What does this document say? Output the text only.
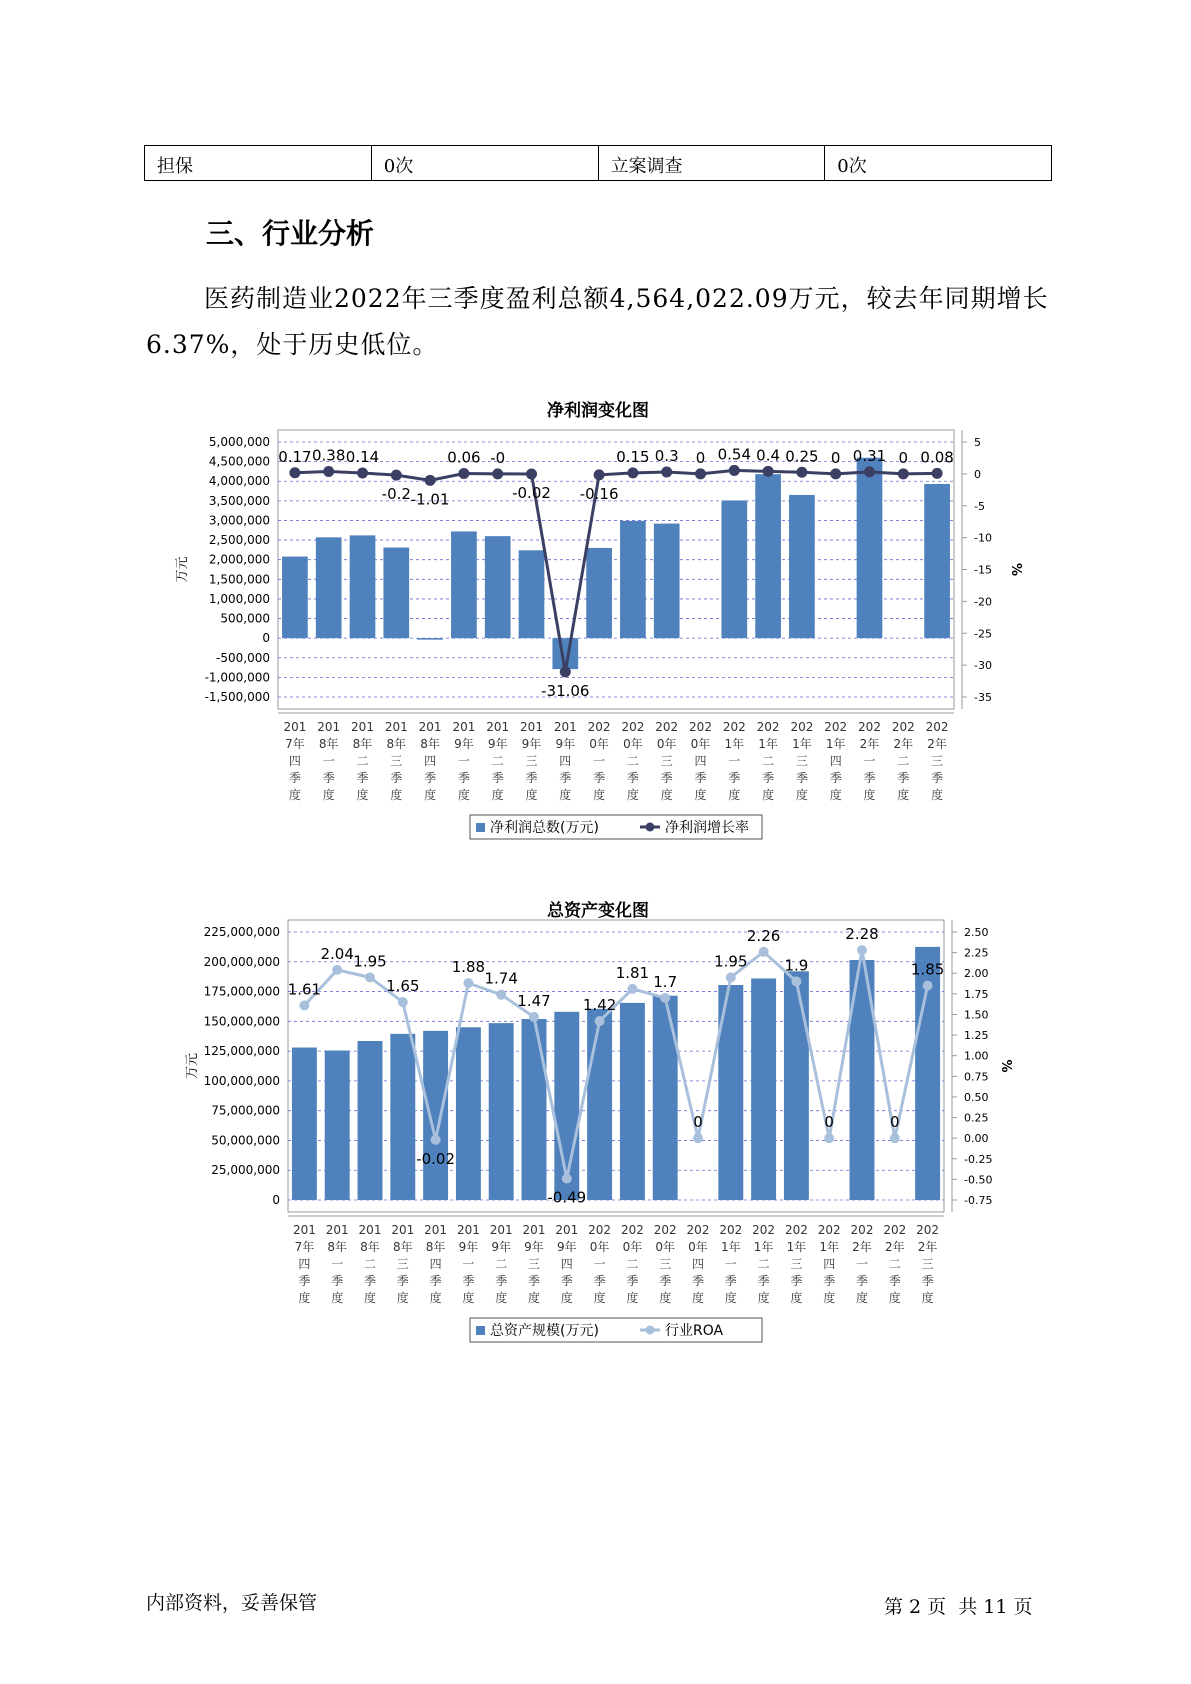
担保	0次	立案调查	0次
三、行业分析

医药制造业2022年三季度盈利总额4,564,022.09万元，较去年同期增长6.37%，处于历史低位。

净利润变化图
5,000,000
4,500,000
4,000,000
3,500,000
3,000,000
2,500,000
2,000,000
1,500,000
1,000,000
500,000
0
-500,000
-1,000,000
-1,500,000
5
0
-5
-10
-15
-20
-25
-30
-35
万元	%
0.17 0.38 0.14
-0.2 -1.01
0.06 -0
-0.02
-31.06
-0.16
0.15 0.3 0 0.54 0.4 0.25 0 0.31 0 0.08
201
7年
四
季
度
201
8年
一
季
度
201
8年
二
季
度
201
8年
三
季
度
201
8年
四
季
度
201
9年
一
季
度
201
9年
二
季
度
201
9年
三
季
度
201
9年
四
季
度
202
0年
一
季
度
202
0年
二
季
度
202
0年
三
季
度
202
0年
四
季
度
202
1年
一
季
度
202
1年
二
季
度
202
1年
三
季
度
202
1年
四
季
度
202
2年
一
季
度
202
2年
二
季
度
202
2年
三
季
度
净利润总数(万元)	净利润增长率
总资产变化图
225,000,000
200,000,000
175,000,000
150,000,000
125,000,000
100,000,000
75,000,000
50,000,000
25,000,000
0
2.50
2.25
2.00
1.75
1.50
1.25
1.00
0.75
0.50
0.25
0.00
-0.25
-0.50
-0.75
万元	%
1.61
2.04 1.95
1.65
-0.02
1.88
1.74
1.47
-0.49
1.42
1.81
1.7
0
1.95
2.26
1.9
0
2.28
0
1.85
201
7年
四
季
度
201
8年
一
季
度
201
8年
二
季
度
201
8年
三
季
度
201
8年
四
季
度
201
9年
一
季
度
201
9年
二
季
度
201
9年
三
季
度
201
9年
四
季
度
202
0年
一
季
度
202
0年
二
季
度
202
0年
三
季
度
202
0年
四
季
度
202
1年
一
季
度
202
1年
二
季
度
202
1年
三
季
度
202
1年
四
季
度
202
2年
一
季
度
202
2年
二
季
度
202
2年
三
季
度
总资产规模(万元)	行业ROA
内部资料，妥善保管	第 2 页  共 11 页
